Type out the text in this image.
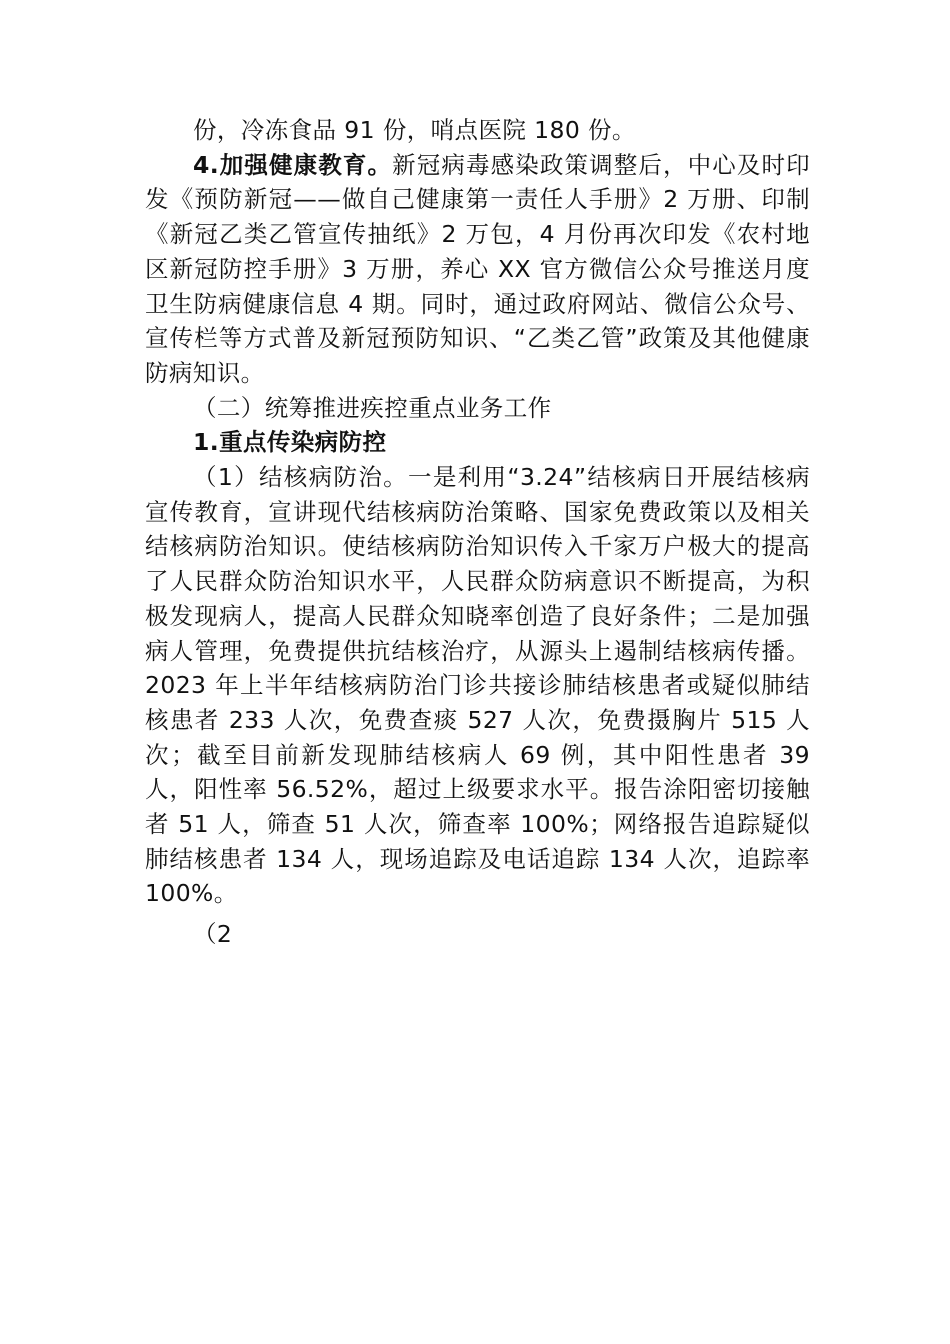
份，冷冻食品 91 份，哨点医院 180 份。

4.加强健康教育。新冠病毒感染政策调整后，中心及时印发《预防新冠——做自己健康第一责任人手册》2 万册、印制《新冠乙类乙管宣传抽纸》2 万包，4 月份再次印发《农村地区新冠防控手册》3 万册，养心 XX 官方微信公众号推送月度卫生防病健康信息 4 期。同时，通过政府网站、微信公众号、宣传栏等方式普及新冠预防知识、“乙类乙管”政策及其他健康防病知识。

（二）统筹推进疾控重点业务工作

1.重点传染病防控

（1）结核病防治。一是利用“3.24”结核病日开展结核病宣传教育，宣讲现代结核病防治策略、国家免费政策以及相关结核病防治知识。使结核病防治知识传入千家万户极大的提高了人民群众防治知识水平，人民群众防病意识不断提高，为积极发现病人，提高人民群众知晓率创造了良好条件；二是加强病人管理，免费提供抗结核治疗，从源头上遏制结核病传播。2023 年上半年结核病防治门诊共接诊肺结核患者或疑似肺结核患者 233 人次，免费查痰 527 人次，免费摄胸片 515 人次；截至目前新发现肺结核病人 69 例，其中阳性患者 39 人，阳性率 56.52%，超过上级要求水平。报告涂阳密切接触者 51 人，筛查 51 人次，筛查率 100%；网络报告追踪疑似肺结核患者 134 人，现场追踪及电话追踪 134 人次，追踪率 100%。

（2
